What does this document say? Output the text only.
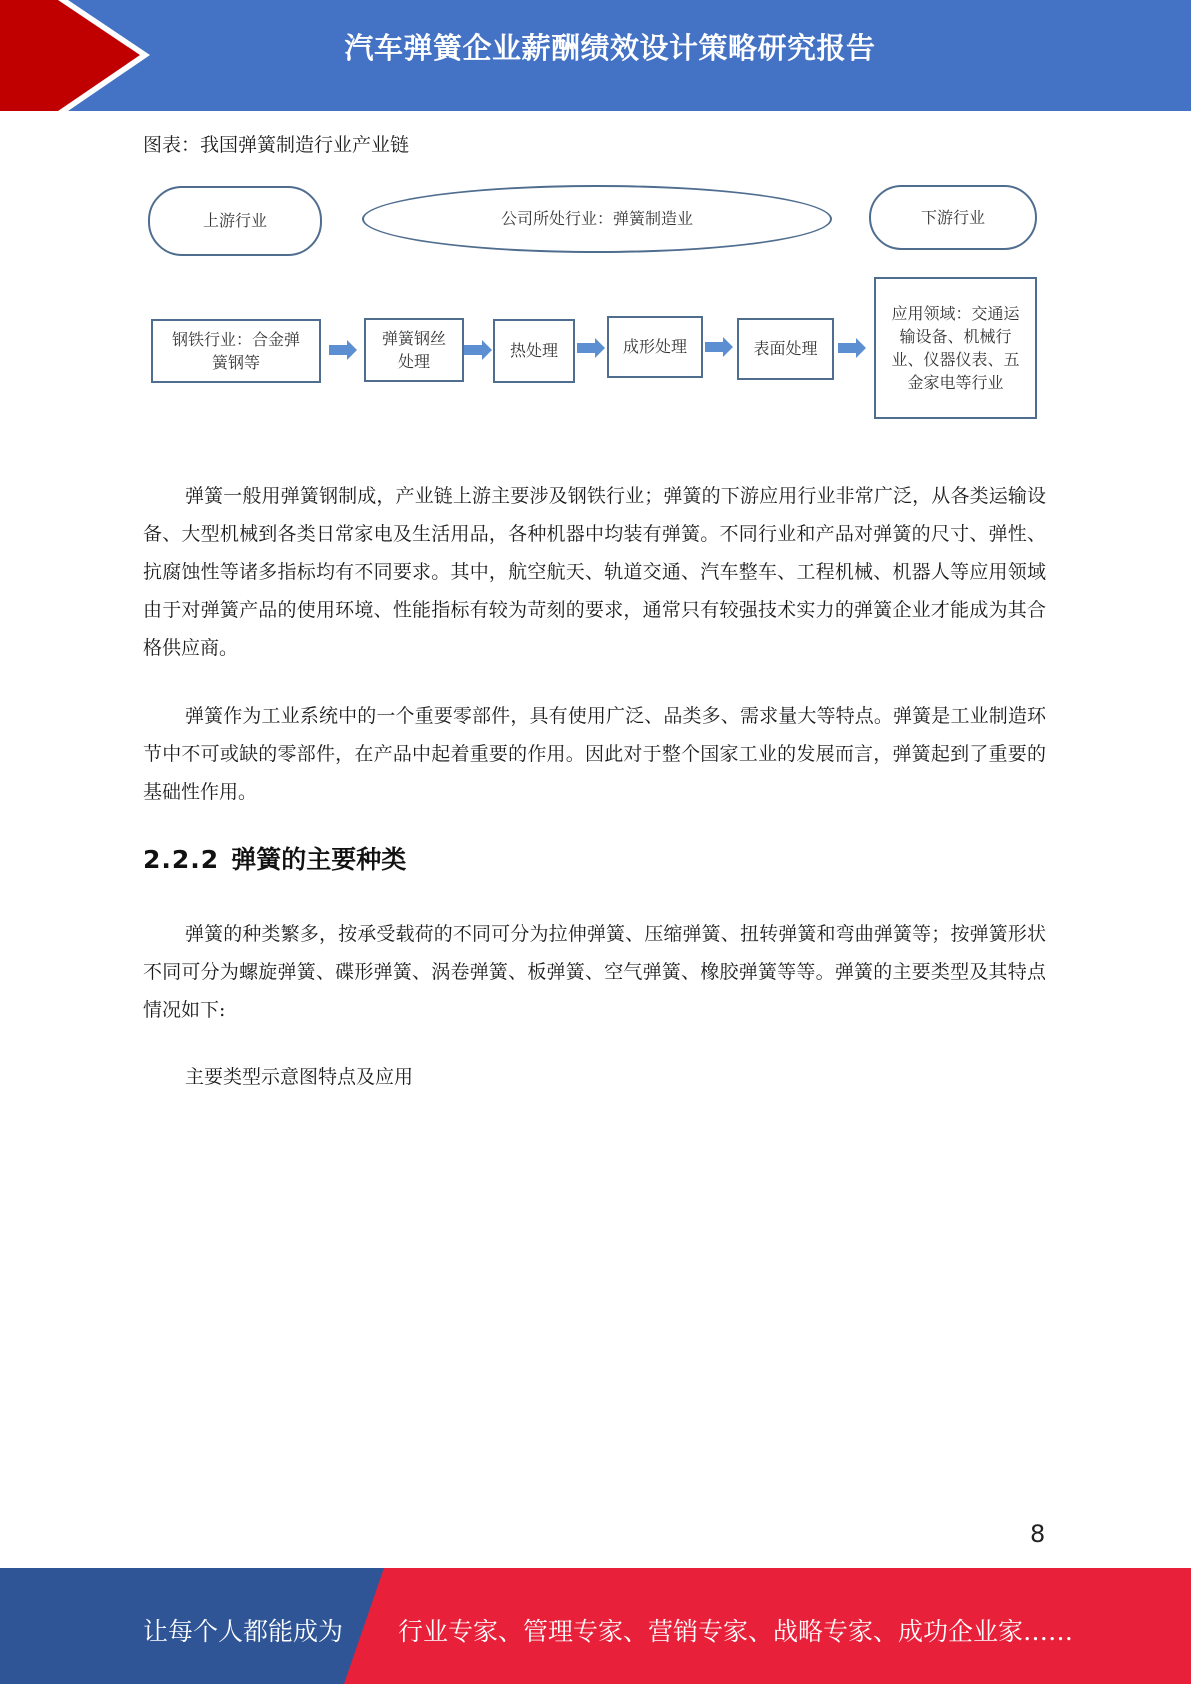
汽车弹簧企业薪酬绩效设计策略研究报告
图表：我国弹簧制造行业产业链
上游行业	公司所处行业：弹簧制造业	下游行业
钢铁行业：合金弹簧钢等
弹簧钢丝处理
热处理	成形处理	表面处理
应用领域：交通运输设备、机械行业、仪器仪表、五金家电等行业
弹簧一般用弹簧钢制成，产业链上游主要涉及钢铁行业；弹簧的下游应用行业非常广泛，从各类运输设备、大型机械到各类日常家电及生活用品，各种机器中均装有弹簧。不同行业和产品对弹簧的尺寸、弹性、抗腐蚀性等诸多指标均有不同要求。其中，航空航天、轨道交通、汽车整车、工程机械、机器人等应用领域由于对弹簧产品的使用环境、性能指标有较为苛刻的要求，通常只有较强技术实力的弹簧企业才能成为其合格供应商。
弹簧作为工业系统中的一个重要零部件，具有使用广泛、品类多、需求量大等特点。弹簧是工业制造环节中不可或缺的零部件，在产品中起着重要的作用。因此对于整个国家工业的发展而言，弹簧起到了重要的基础性作用。
2.2.2 弹簧的主要种类
弹簧的种类繁多，按承受载荷的不同可分为拉伸弹簧、压缩弹簧、扭转弹簧和弯曲弹簧等；按弹簧形状不同可分为螺旋弹簧、碟形弹簧、涡卷弹簧、板弹簧、空气弹簧、橡胶弹簧等等。弹簧的主要类型及其特点情况如下:
主要类型示意图特点及应用
8
让每个人都能成为 行业专家、管理专家、营销专家、战略专家、成功企业家……
